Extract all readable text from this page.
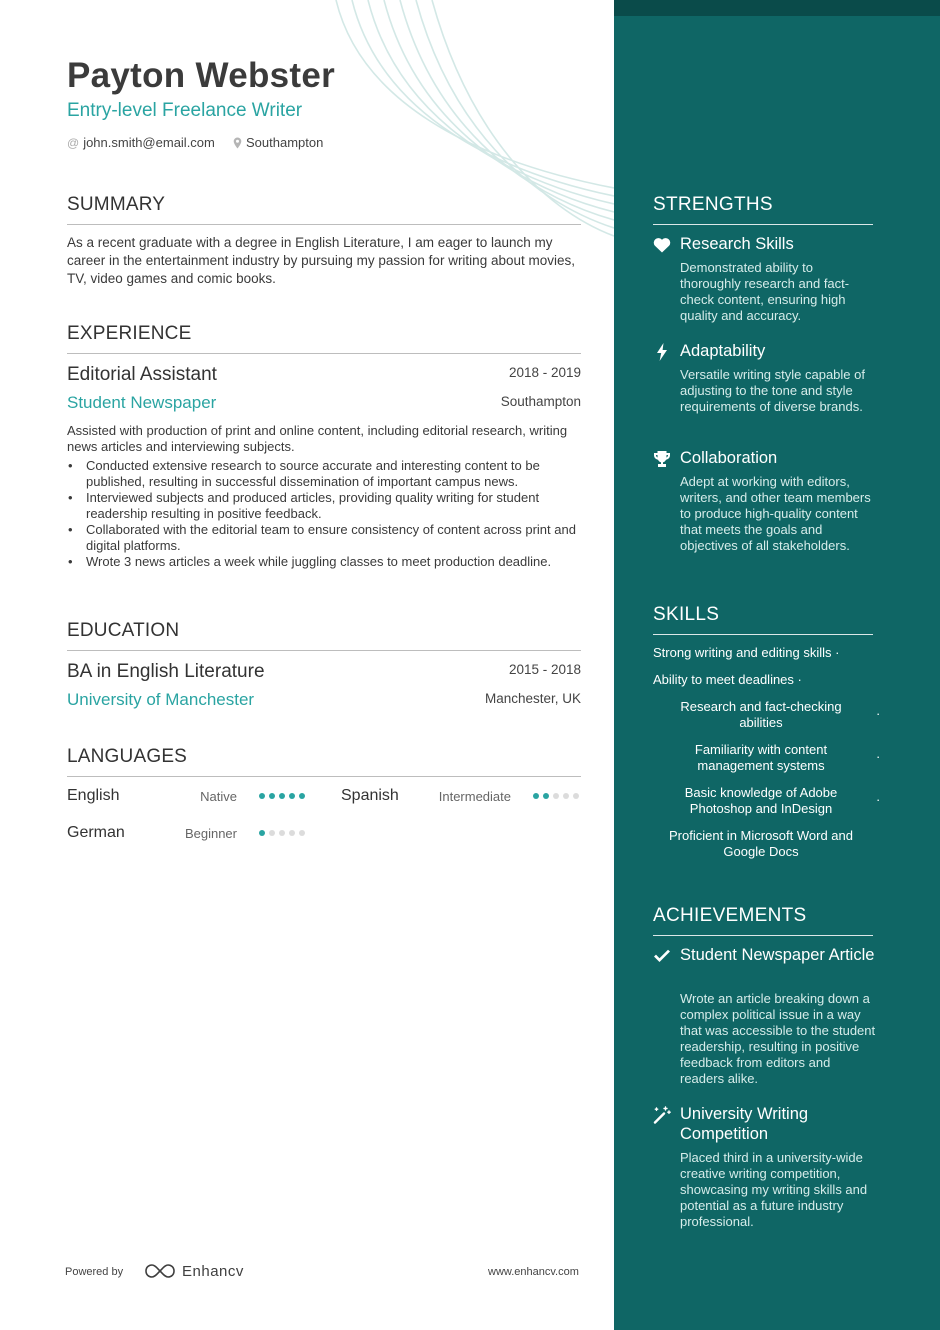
Payton Webster
Entry-level Freelance Writer
@ john.smith@email.com Southampton
SUMMARY
As a recent graduate with a degree in English Literature, I am eager to launch my career in the entertainment industry by pursuing my passion for writing about movies, TV, video games and comic books.
EXPERIENCE
Editorial Assistant	2018 - 2019
Student Newspaper	Southampton
Assisted with production of print and online content, including editorial research, writing news articles and interviewing subjects.
• Conducted extensive research to source accurate and interesting content to be published, resulting in successful dissemination of important campus news.
• Interviewed subjects and produced articles, providing quality writing for student readership resulting in positive feedback.
• Collaborated with the editorial team to ensure consistency of content across print and digital platforms.
• Wrote 3 news articles a week while juggling classes to meet production deadline.
EDUCATION
BA in English Literature	2015 - 2018
University of Manchester	Manchester, UK
LANGUAGES
English	Native	Spanish	Intermediate
German	Beginner
Powered by	Enhancv	www.enhancv.com
STRENGTHS
Research Skills
Demonstrated ability to thoroughly research and fact-check content, ensuring high quality and accuracy.
Adaptability
Versatile writing style capable of adjusting to the tone and style requirements of diverse brands.
Collaboration
Adept at working with editors, writers, and other team members to produce high-quality content that meets the goals and objectives of all stakeholders.
SKILLS
Strong writing and editing skills ·
Ability to meet deadlines ·
Research and fact-checking abilities
·
Familiarity with content management systems
·
Basic knowledge of Adobe Photoshop and InDesign
·
Proficient in Microsoft Word and Google Docs
ACHIEVEMENTS
Student Newspaper Article
Wrote an article breaking down a complex political issue in a way that was accessible to the student readership, resulting in positive feedback from editors and readers alike.
University Writing Competition
Placed third in a university-wide creative writing competition, showcasing my writing skills and potential as a future industry professional.
